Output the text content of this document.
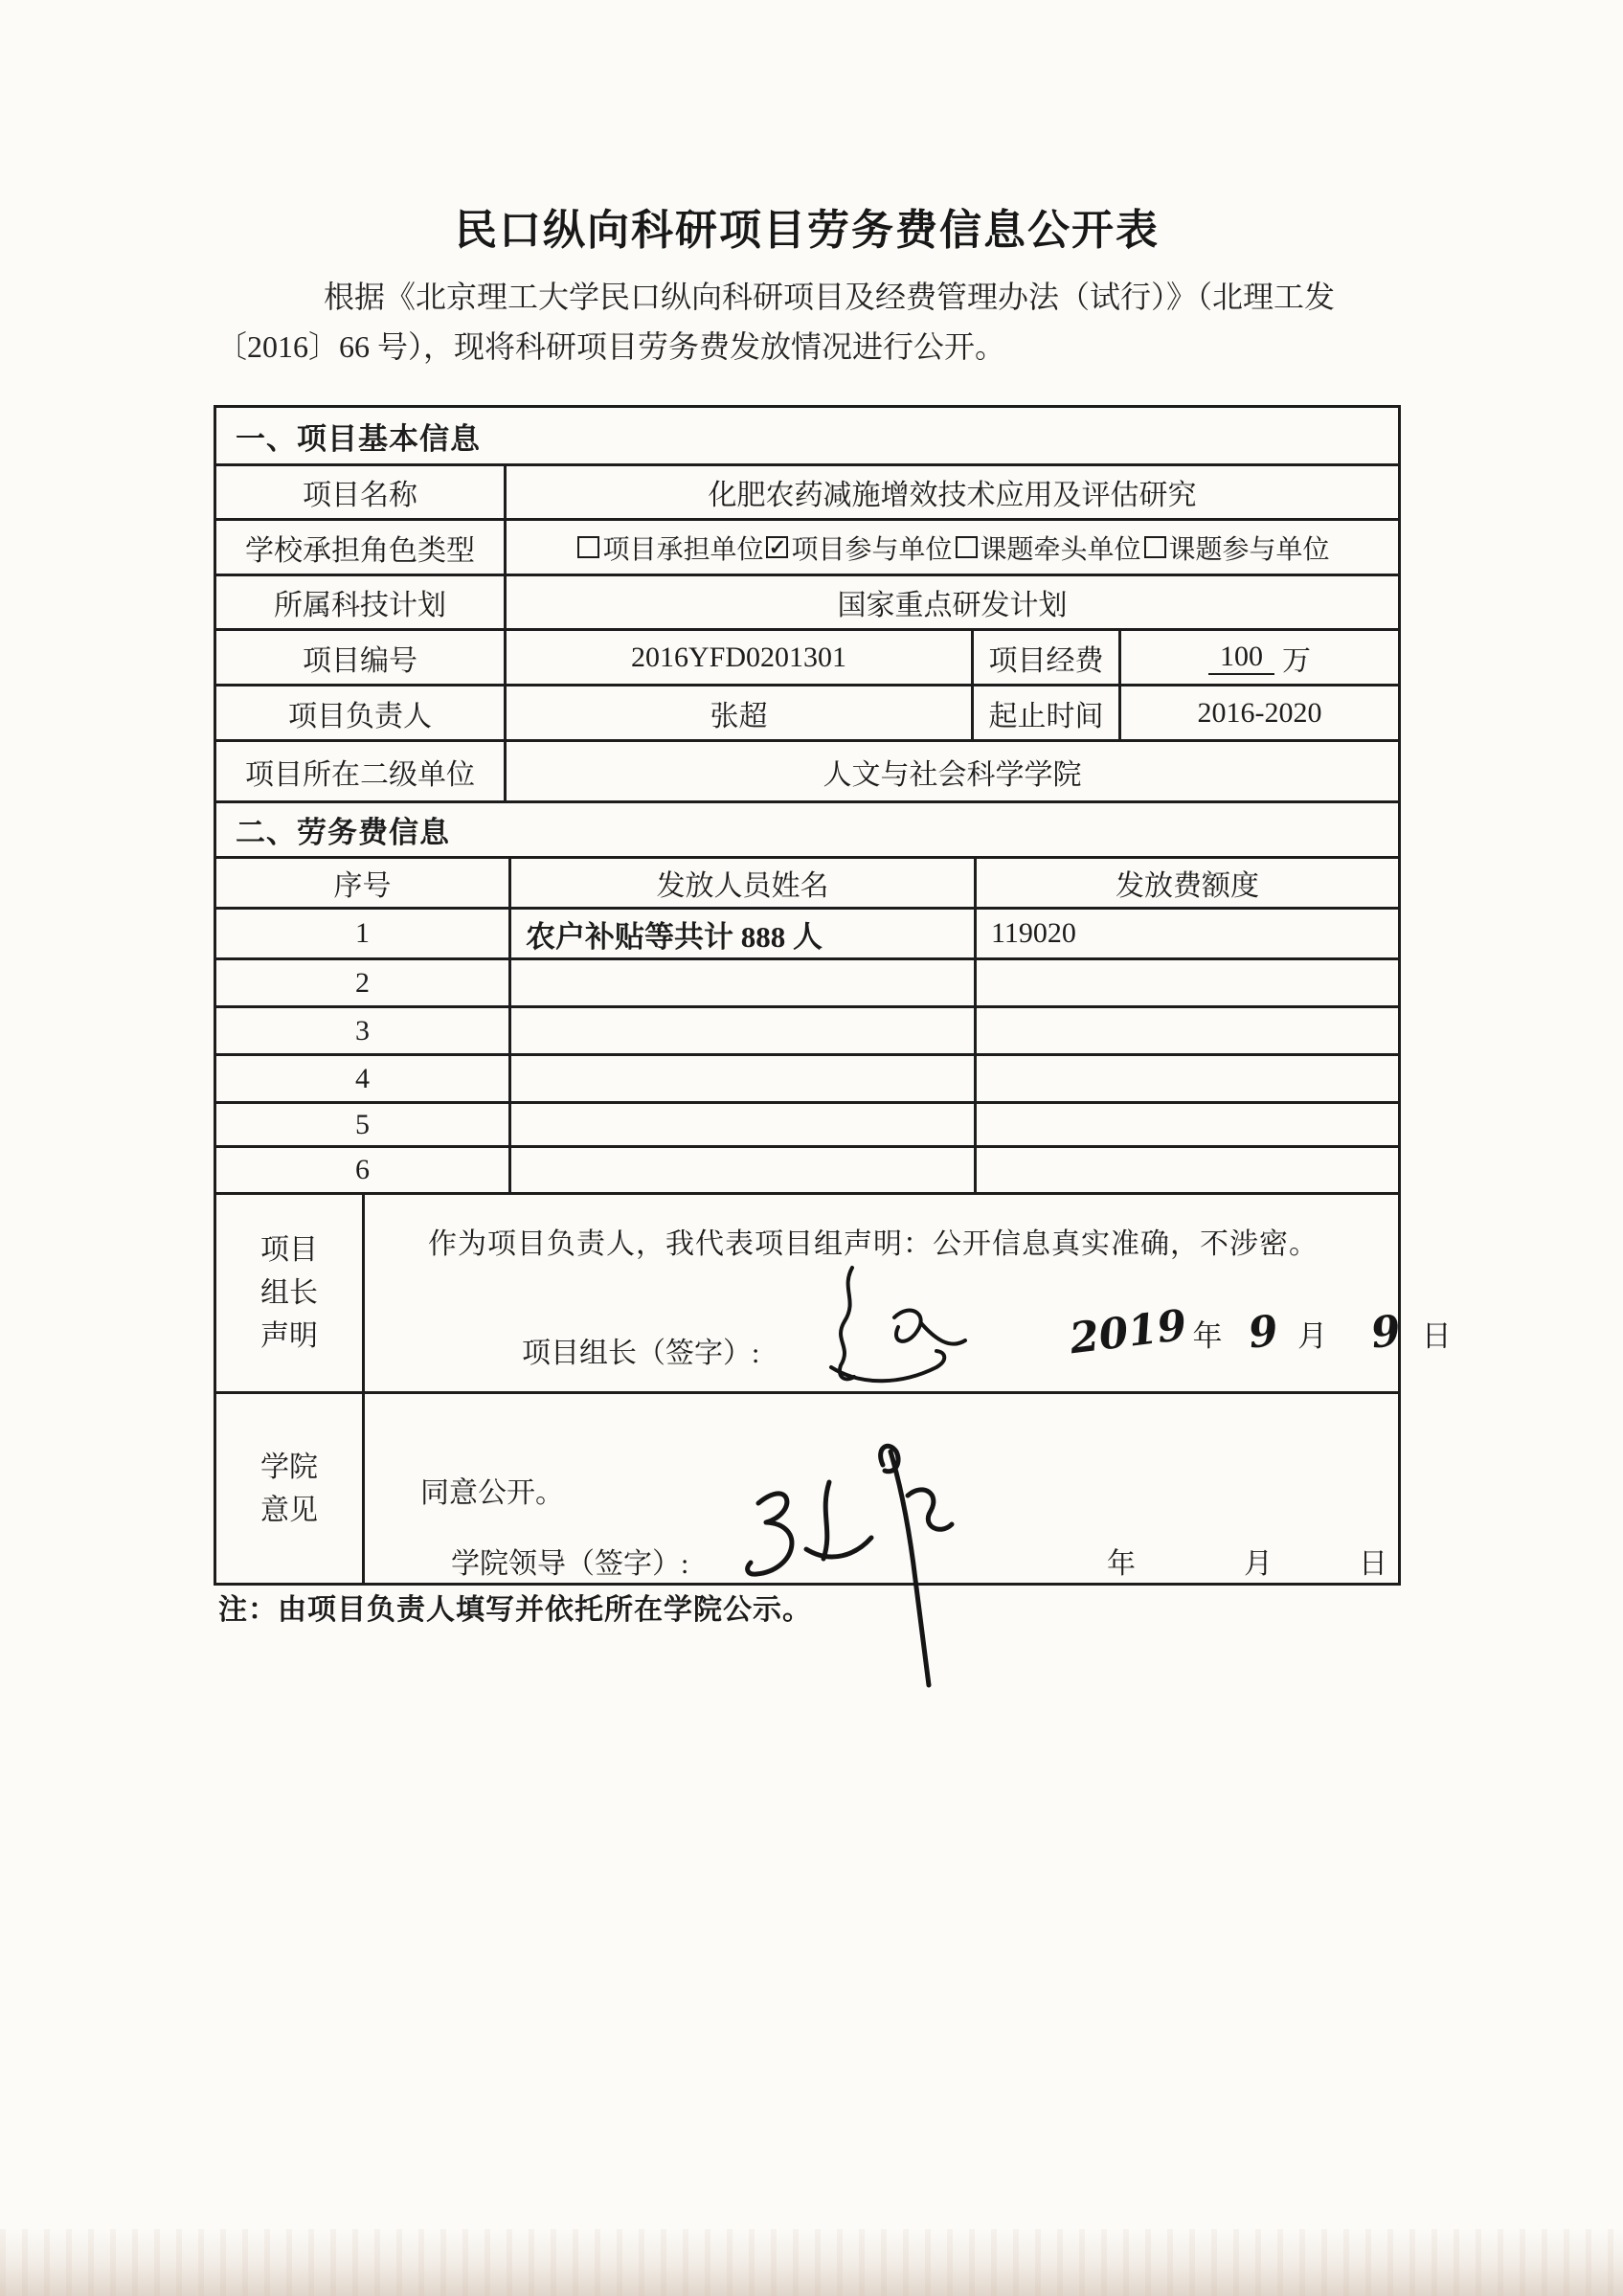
民口纵向科研项目劳务费信息公开表

根据《北京理工大学民口纵向科研项目及经费管理办法（试行）》（北理工发
〔2016〕66 号），现将科研项目劳务费发放情况进行公开。

一、项目基本信息
项目名称	化肥农药减施增效技术应用及评估研究
学校承担角色类型	项目承担单位 ✓ 项目参与单位 课题牵头单位 课题参与单位
所属科技计划	国家重点研发计划
项目编号	2016YFD0201301	项目经费	100 万
项目负责人	张超	起止时间	2016-2020
项目所在二级单位	人文与社会科学学院
二、劳务费信息
序号	发放人员姓名	发放费额度
1	农户补贴等共计 888 人	119020
2
3
4
5
6
项目
组长
声明
作为项目负责人，我代表项目组声明：公开信息真实准确，不涉密。
项目组长（签字）:	2019 年 9 月 9 日
学院
意见
同意公开。
学院领导（签字）:	年	月	日
注：由项目负责人填写并依托所在学院公示。
